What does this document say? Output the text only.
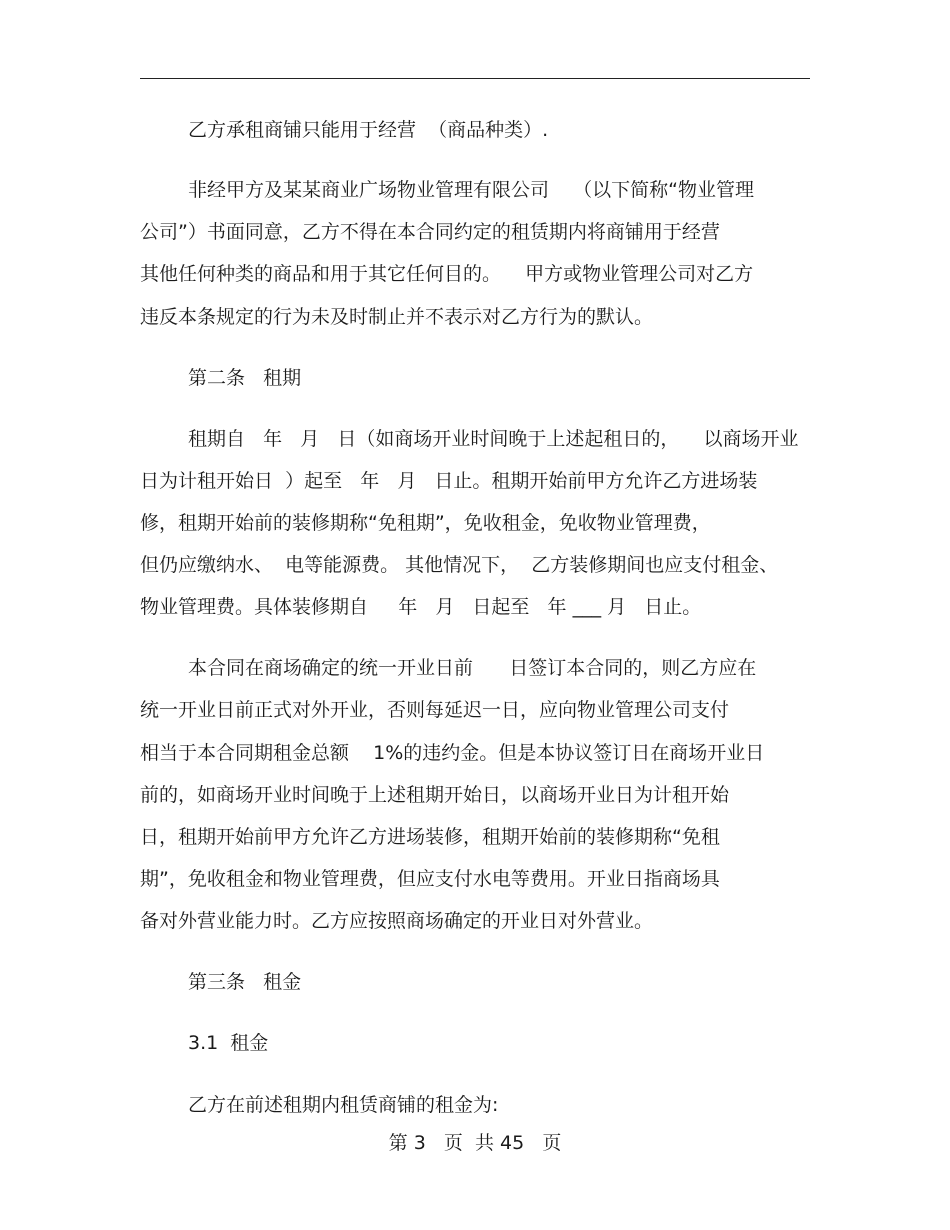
乙方承租商铺只能用于经营  （商品种类）.
非经甲方及某某商业广场物业管理有限公司    （以下简称“物业管理
公司”）书面同意，乙方不得在本合同约定的租赁期内将商铺用于经营
其他任何种类的商品和用于其它任何目的。    甲方或物业管理公司对乙方
违反本条规定的行为未及时制止并不表示对乙方行为的默认。
第二条   租期
租期自   年   月   日（如商场开业时间晚于上述起租日的，    以商场开业
日为计租开始日  ）起至   年   月   日止。租期开始前甲方允许乙方进场装
修，租期开始前的装修期称“免租期”，免收租金，免收物业管理费，
但仍应缴纳水、  电等能源费。 其他情况下，  乙方装修期间也应支付租金、
物业管理费。具体装修期自     年   月   日起至   年 ___ 月   日止。
本合同在商场确定的统一开业日前      日签订本合同的，则乙方应在
统一开业日前正式对外开业，否则每延迟一日，应向物业管理公司支付
相当于本合同期租金总额    1%的违约金。但是本协议签订日在商场开业日
前的，如商场开业时间晚于上述租期开始日，以商场开业日为计租开始
日，租期开始前甲方允许乙方进场装修，租期开始前的装修期称“免租
期”，免收租金和物业管理费，但应支付水电等费用。开业日指商场具
备对外营业能力时。乙方应按照商场确定的开业日对外营业。
第三条   租金
3.1  租金
乙方在前述租期内租赁商铺的租金为:
第 3   页  共 45   页
